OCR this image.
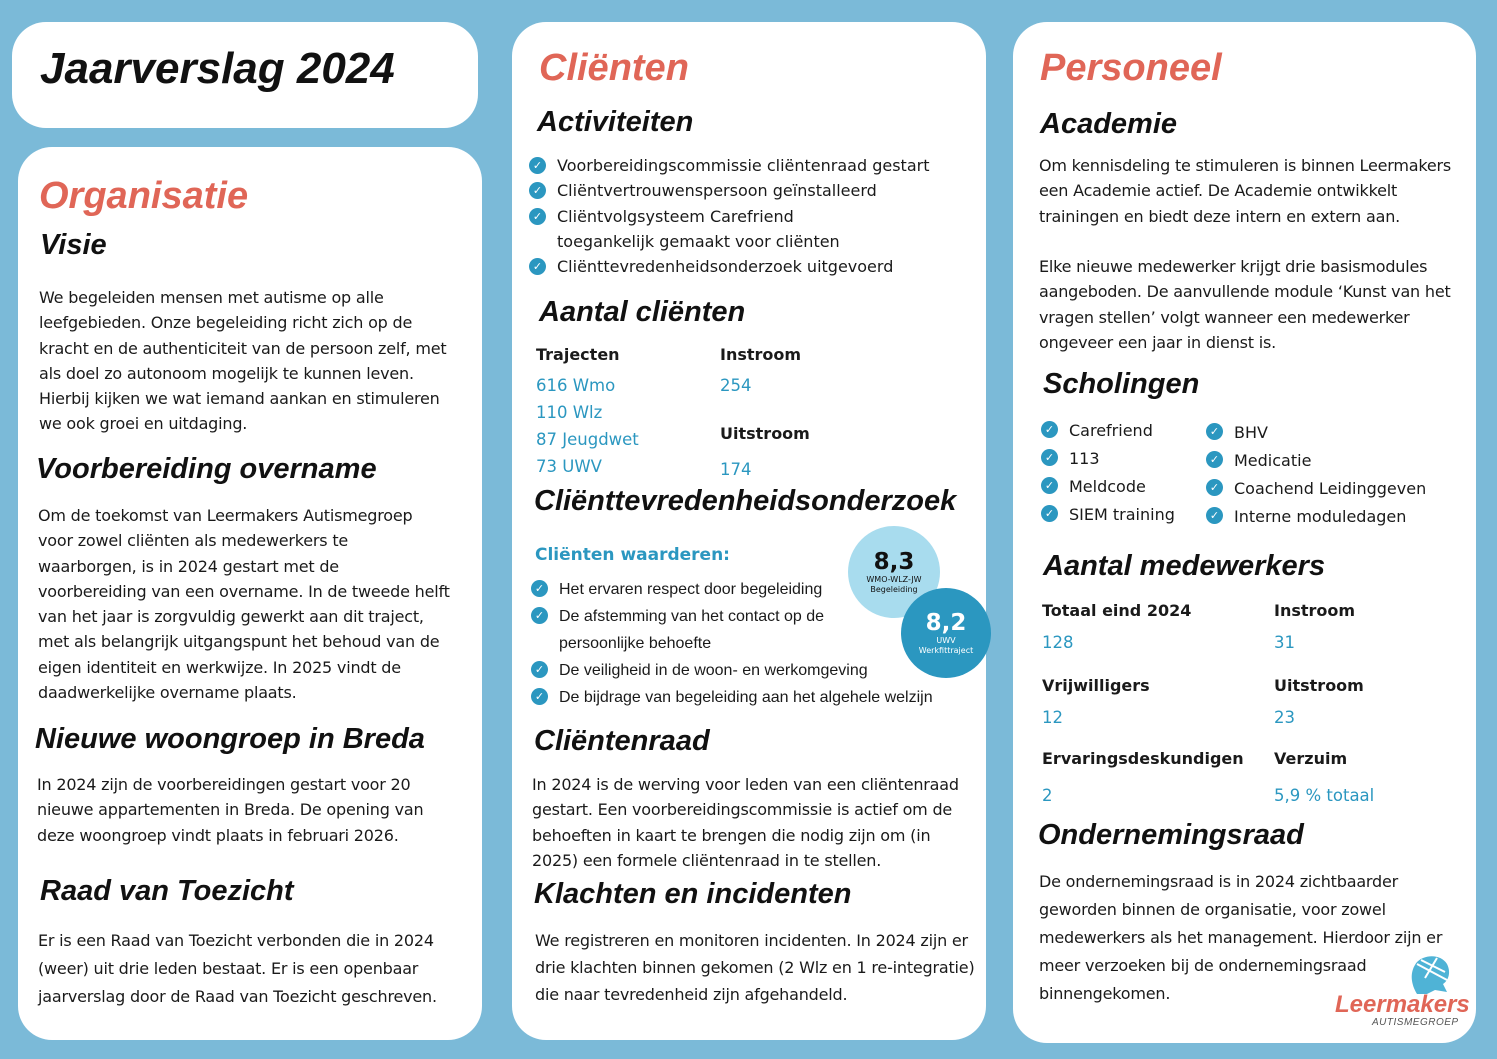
Jaarverslag 2024
Organisatie
Visie
We begeleiden mensen met autisme op alle leefgebieden. Onze begeleiding richt zich op de kracht en de authenticiteit van de persoon zelf, met als doel zo autonoom mogelijk te kunnen leven. Hierbij kijken we wat iemand aankan en stimuleren we ook groei en uitdaging.
Voorbereiding overname
Om de toekomst van Leermakers Autismegroep voor zowel cliënten als medewerkers te waarborgen, is in 2024 gestart met de voorbereiding van een overname. In de tweede helft van het jaar is zorgvuldig gewerkt aan dit traject, met als belangrijk uitgangspunt het behoud van de eigen identiteit en werkwijze. In 2025 vindt de daadwerkelijke overname plaats.
Nieuwe woongroep in Breda
In 2024 zijn de voorbereidingen gestart voor 20 nieuwe appartementen in Breda. De opening van deze woongroep vindt plaats in februari 2026.
Raad van Toezicht
Er is een Raad van Toezicht verbonden die in 2024 (weer) uit drie leden bestaat. Er is een openbaar jaarverslag door de Raad van Toezicht geschreven.
Cliënten
Activiteiten
✓ Voorbereidingscommissie cliëntenraad gestart
✓ Cliëntvertrouwenspersoon geïnstalleerd
✓ Cliëntvolgsysteem Carefriend toegankelijk gemaakt voor cliënten
✓ Cliënttevredenheidsonderzoek uitgevoerd
Aantal cliënten
Trajecten
616 Wmo
110 Wlz
87 Jeugdwet
73 UWV
Instroom
254
Uitstroom
174
Cliënttevredenheidsonderzoek
Cliënten waarderen:
✓ Het ervaren respect door begeleiding
✓ De afstemming van het contact op de persoonlijke behoefte
✓ De veiligheid in de woon- en werkomgeving
✓ De bijdrage van begeleiding aan het algehele welzijn
8,3
WMO-WLZ-JW
Begeleiding
8,2
UWV
Werkfittraject
Cliëntenraad
In 2024 is de werving voor leden van een cliëntenraad gestart. Een voorbereidingscommissie is actief om de behoeften in kaart te brengen die nodig zijn om (in 2025) een formele cliëntenraad in te stellen.
Klachten en incidenten
We registreren en monitoren incidenten. In 2024 zijn er drie klachten binnen gekomen (2 Wlz en 1 re-integratie) die naar tevredenheid zijn afgehandeld.
Personeel
Academie
Om kennisdeling te stimuleren is binnen Leermakers een Academie actief. De Academie ontwikkelt trainingen en biedt deze intern en extern aan.
Elke nieuwe medewerker krijgt drie basismodules aangeboden. De aanvullende module ‘Kunst van het vragen stellen’ volgt wanneer een medewerker ongeveer een jaar in dienst is.
Scholingen
✓ Carefriend
✓ 113
✓ Meldcode
✓ SIEM training
✓ BHV
✓ Medicatie
✓ Coachend Leidinggeven
✓ Interne moduledagen
Aantal medewerkers
Totaal eind 2024
128
Instroom
31
Vrijwilligers
12
Uitstroom
23
Ervaringsdeskundigen
2
Verzuim
5,9 % totaal
Ondernemingsraad
De ondernemingsraad is in 2024 zichtbaarder geworden binnen de organisatie, voor zowel medewerkers als het management. Hierdoor zijn er meer verzoeken bij de ondernemingsraad binnengekomen.	Leermakers
AUTISMEGROEP
